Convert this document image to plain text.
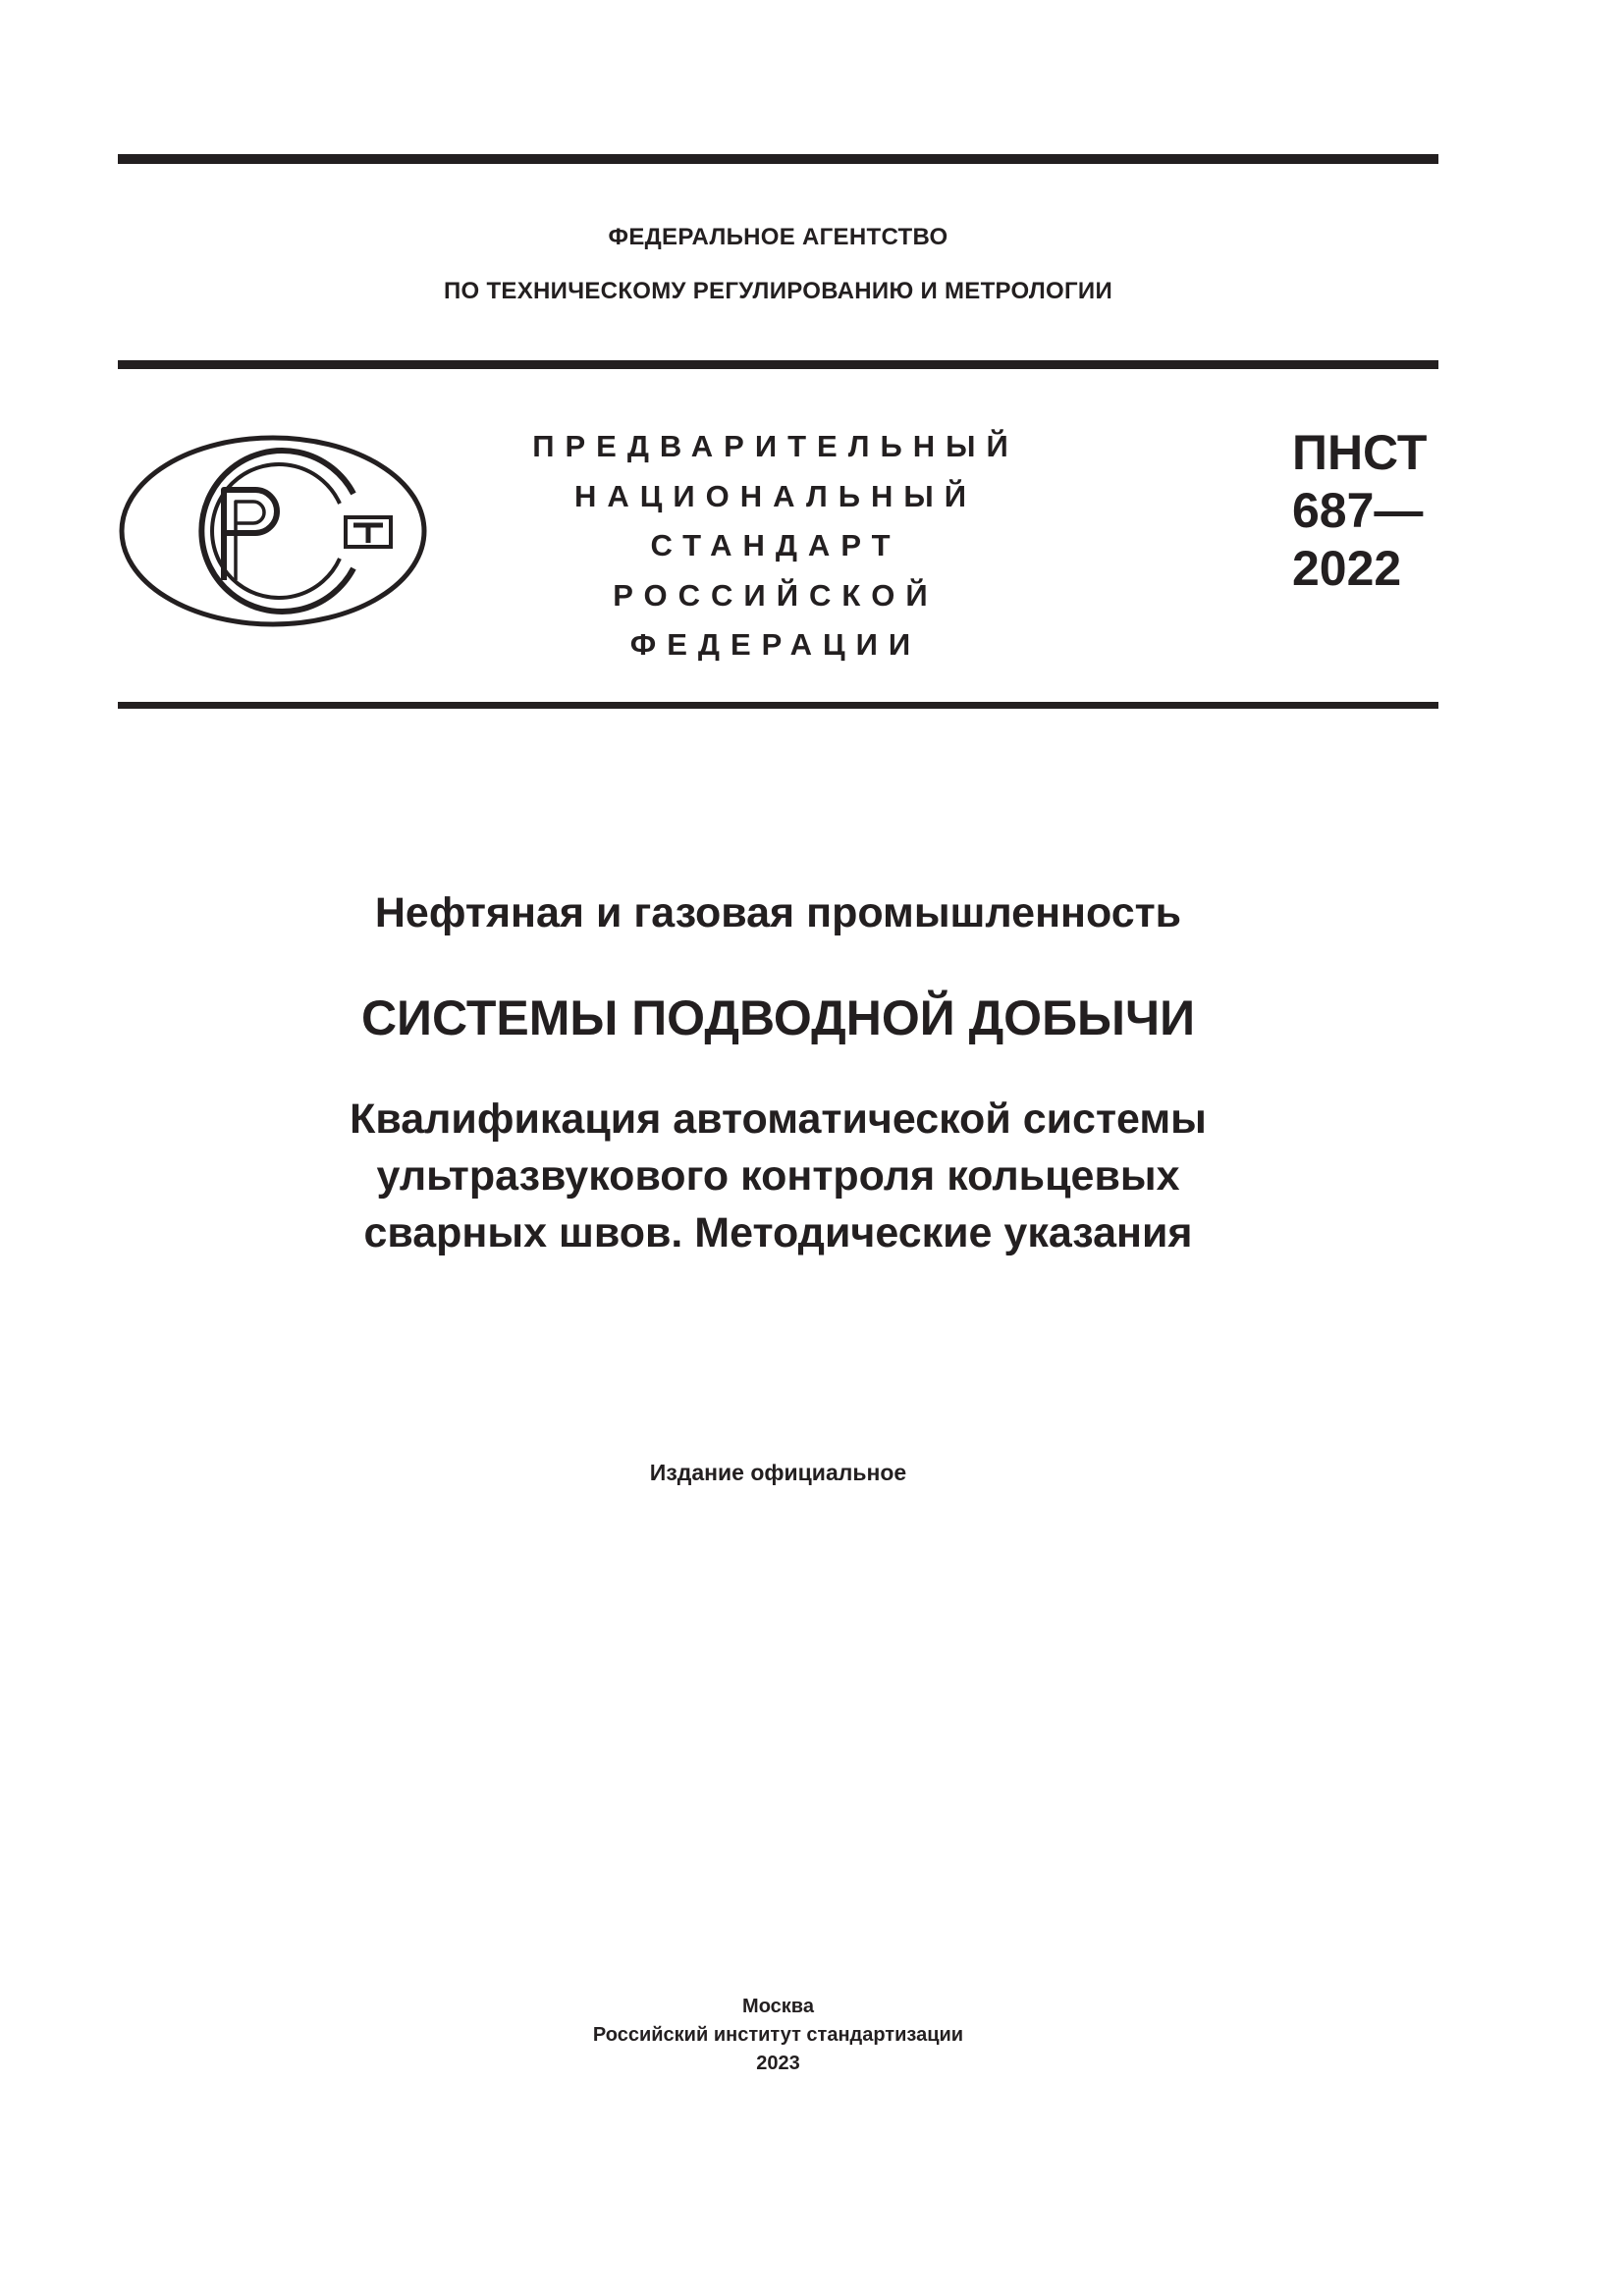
ФЕДЕРАЛЬНОЕ АГЕНТСТВО
ПО ТЕХНИЧЕСКОМУ РЕГУЛИРОВАНИЮ И МЕТРОЛОГИИ
ПРЕДВАРИТЕЛЬНЫЙ
НАЦИОНАЛЬНЫЙ
СТАНДАРТ
РОССИЙСКОЙ
ФЕДЕРАЦИИ
ПНСТ
687—
2022
Нефтяная и газовая промышленность
СИСТЕМЫ ПОДВОДНОЙ ДОБЫЧИ
Квалификация автоматической системы
ультразвукового контроля кольцевых
сварных швов. Методические указания
Издание официальное
Москва
Российский институт стандартизации
2023
